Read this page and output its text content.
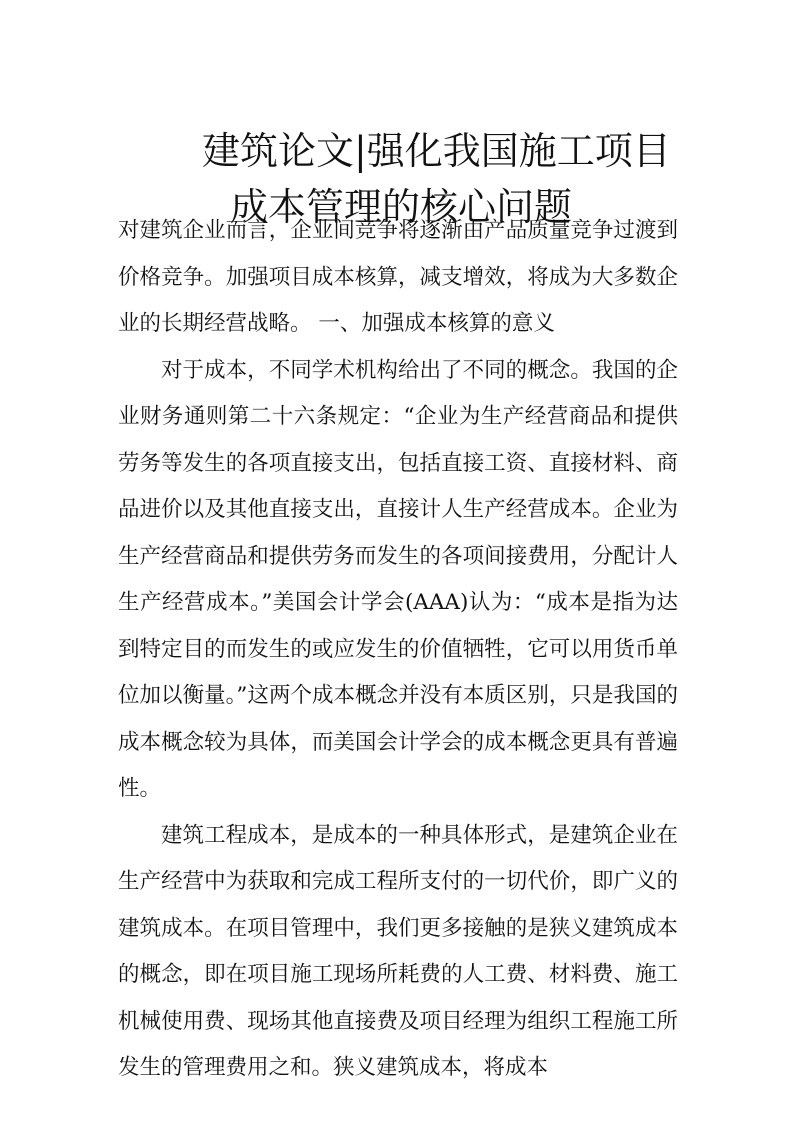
建筑论文|强化我国施工项目
成本管理的核心问题

对建筑企业而言，企业间竞争将逐渐由产品质量竞争过渡到价格竞争。加强项目成本核算，减支增效，将成为大多数企业的长期经营战略。 一、加强成本核算的意义

对于成本，不同学术机构给出了不同的概念。我国的企业财务通则第二十六条规定：“企业为生产经营商品和提供劳务等发生的各项直接支出，包括直接工资、直接材料、商品进价以及其他直接支出，直接计人生产经营成本。企业为生产经营商品和提供劳务而发生的各项间接费用，分配计人生产经营成本。”美国会计学会(AAA)认为：“成本是指为达到特定目的而发生的或应发生的价值牺牲，它可以用货币单位加以衡量。”这两个成本概念并没有本质区别，只是我国的成本概念较为具体，而美国会计学会的成本概念更具有普遍性。

建筑工程成本，是成本的一种具体形式，是建筑企业在生产经营中为获取和完成工程所支付的一切代价，即广义的建筑成本。在项目管理中，我们更多接触的是狭义建筑成本的概念，即在项目施工现场所耗费的人工费、材料费、施工机械使用费、现场其他直接费及项目经理为组织工程施工所发生的管理费用之和。狭义建筑成本，将成本
